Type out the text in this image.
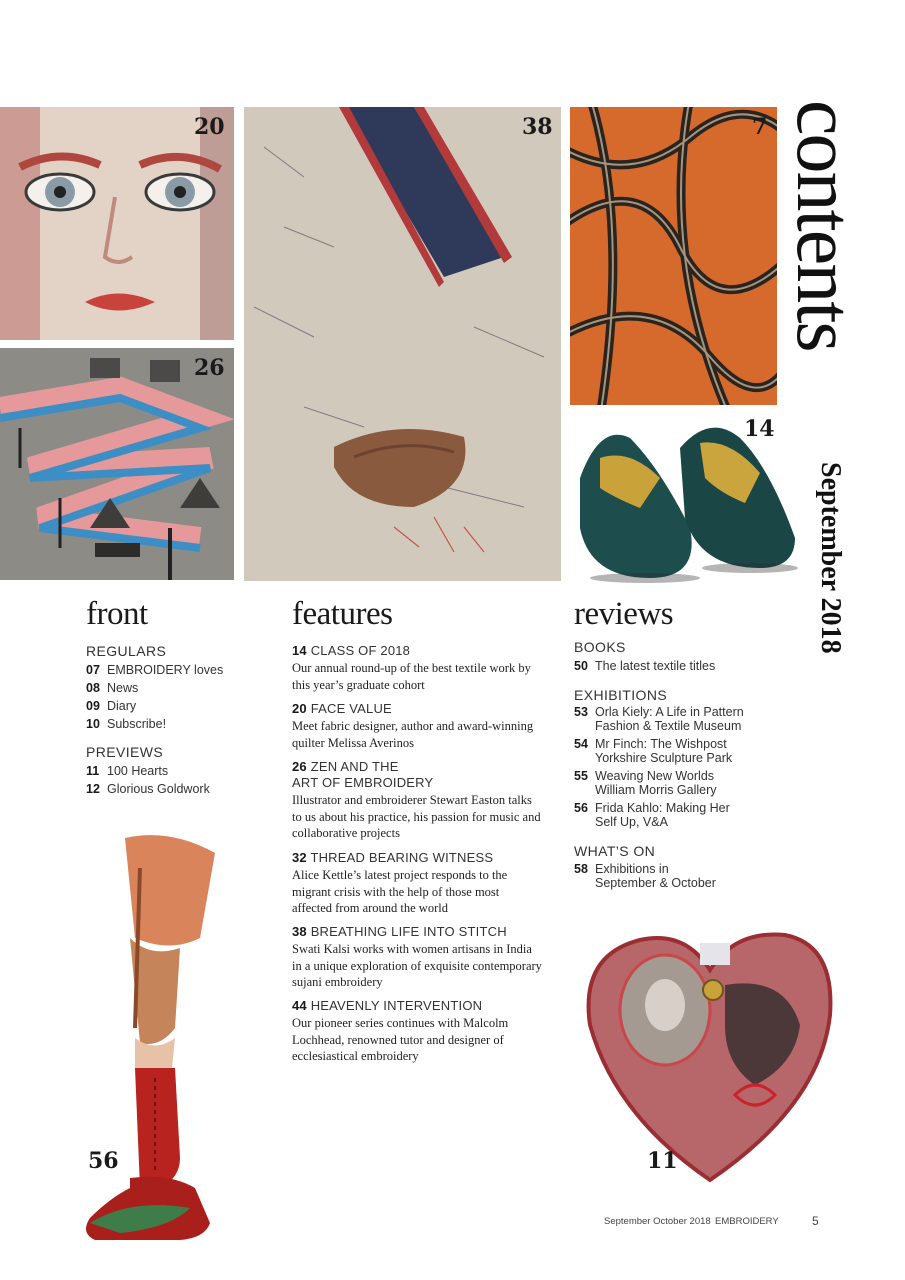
20
26
38	7
14
56	11
contents
September 2018
front
REGULARS
07 EMBROIDERY loves
08 News
09 Diary
10 Subscribe!
PREVIEWS
11 100 Hearts
12 Glorious Goldwork
features
14 CLASS OF 2018
Our annual round-up of the best textile work by this year’s graduate cohort
20 FACE VALUE
Meet fabric designer, author and award-winning quilter Melissa Averinos
26 ZEN AND THE
ART OF EMBROIDERY
Illustrator and embroiderer Stewart Easton talks to us about his practice, his passion for music and collaborative projects
32 THREAD BEARING WITNESS
Alice Kettle’s latest project responds to the migrant crisis with the help of those most affected from around the world
38 BREATHING LIFE INTO STITCH
Swati Kalsi works with women artisans in India in a unique exploration of exquisite contemporary sujani embroidery
44 HEAVENLY INTERVENTION
Our pioneer series continues with Malcolm Lochhead, renowned tutor and designer of ecclesiastical embroidery
reviews
BOOKS
50 The latest textile titles
EXHIBITIONS
53 Orla Kiely: A Life in Pattern
Fashion & Textile Museum
54 Mr Finch: The Wishpost
Yorkshire Sculpture Park
55 Weaving New Worlds
William Morris Gallery
56 Frida Kahlo: Making Her
Self Up, V&A
WHAT’S ON
58 Exhibitions in
September & October
September October 2018 EMBROIDERY	5
